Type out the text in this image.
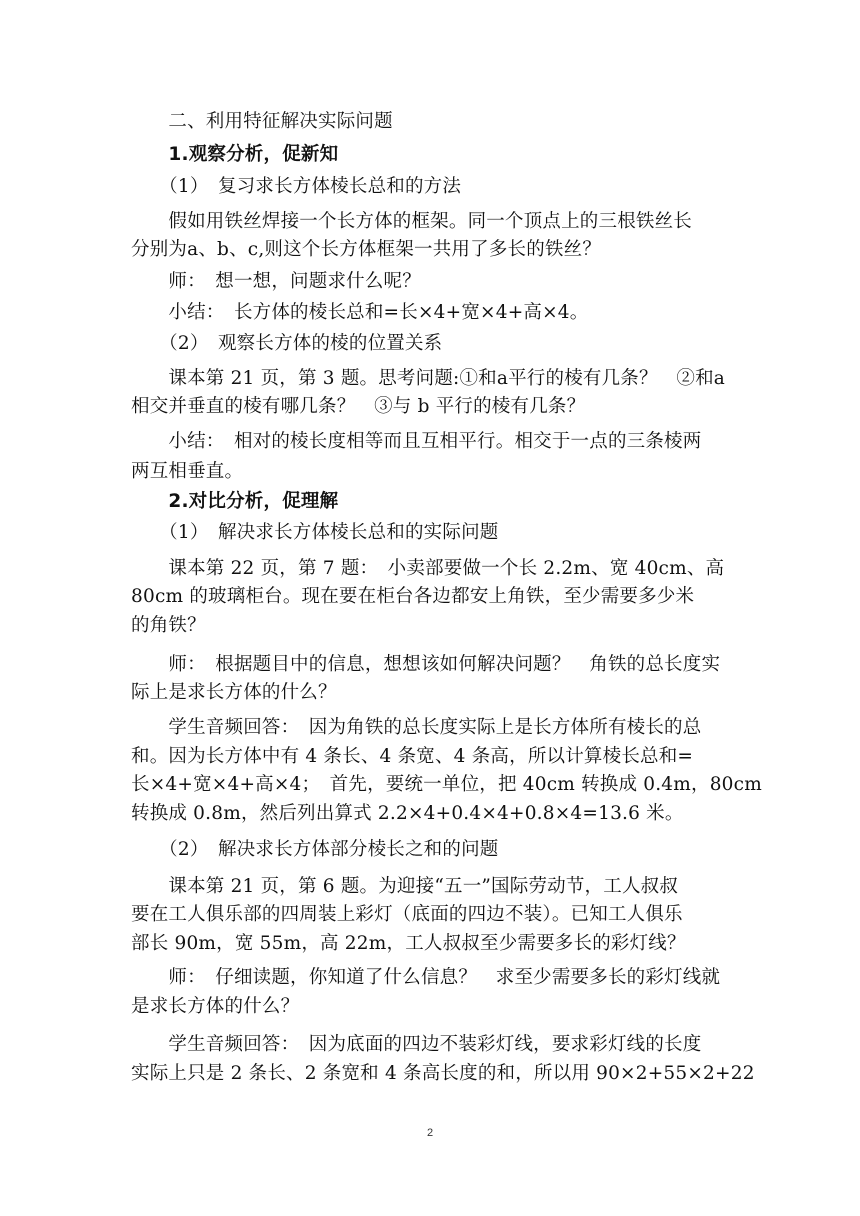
　　二、利用特征解决实际问题
　　1.观察分析，促新知
　　（1）　复习求长方体棱长总和的方法
　　假如用铁丝焊接一个长方体的框架。同一个顶点上的三根铁丝长
分别为a、b、c,则这个长方体框架一共用了多长的铁丝？
　　师：　想一想，问题求什么呢？
　　小结：　长方体的棱长总和=长×4+宽×4+高×4。
　　（2）　观察长方体的棱的位置关系
　　课本第 21 页，第 3 题。思考问题:①和a平行的棱有几条？　②和a
相交并垂直的棱有哪几条？　③与 b 平行的棱有几条？
　　小结：　相对的棱长度相等而且互相平行。相交于一点的三条棱两
两互相垂直。
　　2.对比分析，促理解
　　（1）　解决求长方体棱长总和的实际问题
　　课本第 22 页，第 7 题：　小卖部要做一个长 2.2m、宽 40cm、高
80cm 的玻璃柜台。现在要在柜台各边都安上角铁，至少需要多少米
的角铁？
　　师：　根据题目中的信息，想想该如何解决问题？　角铁的总长度实
际上是求长方体的什么？
　　学生音频回答：　因为角铁的总长度实际上是长方体所有棱长的总
和。因为长方体中有 4 条长、4 条宽、4 条高，所以计算棱长总和=
长×4+宽×4+高×4；　首先，要统一单位，把 40cm 转换成 0.4m，80cm
转换成 0.8m，然后列出算式 2.2×4+0.4×4+0.8×4=13.6 米。
　　（2）　解决求长方体部分棱长之和的问题
　　课本第 21 页，第 6 题。为迎接“五一”国际劳动节，工人叔叔
要在工人俱乐部的四周装上彩灯（底面的四边不装）。已知工人俱乐
部长 90m，宽 55m，高 22m，工人叔叔至少需要多长的彩灯线？
　　师：　仔细读题，你知道了什么信息？　求至少需要多长的彩灯线就
是求长方体的什么？
　　学生音频回答：　因为底面的四边不装彩灯线，要求彩灯线的长度
实际上只是 2 条长、2 条宽和 4 条高长度的和，所以用 90×2+55×2+22
2
